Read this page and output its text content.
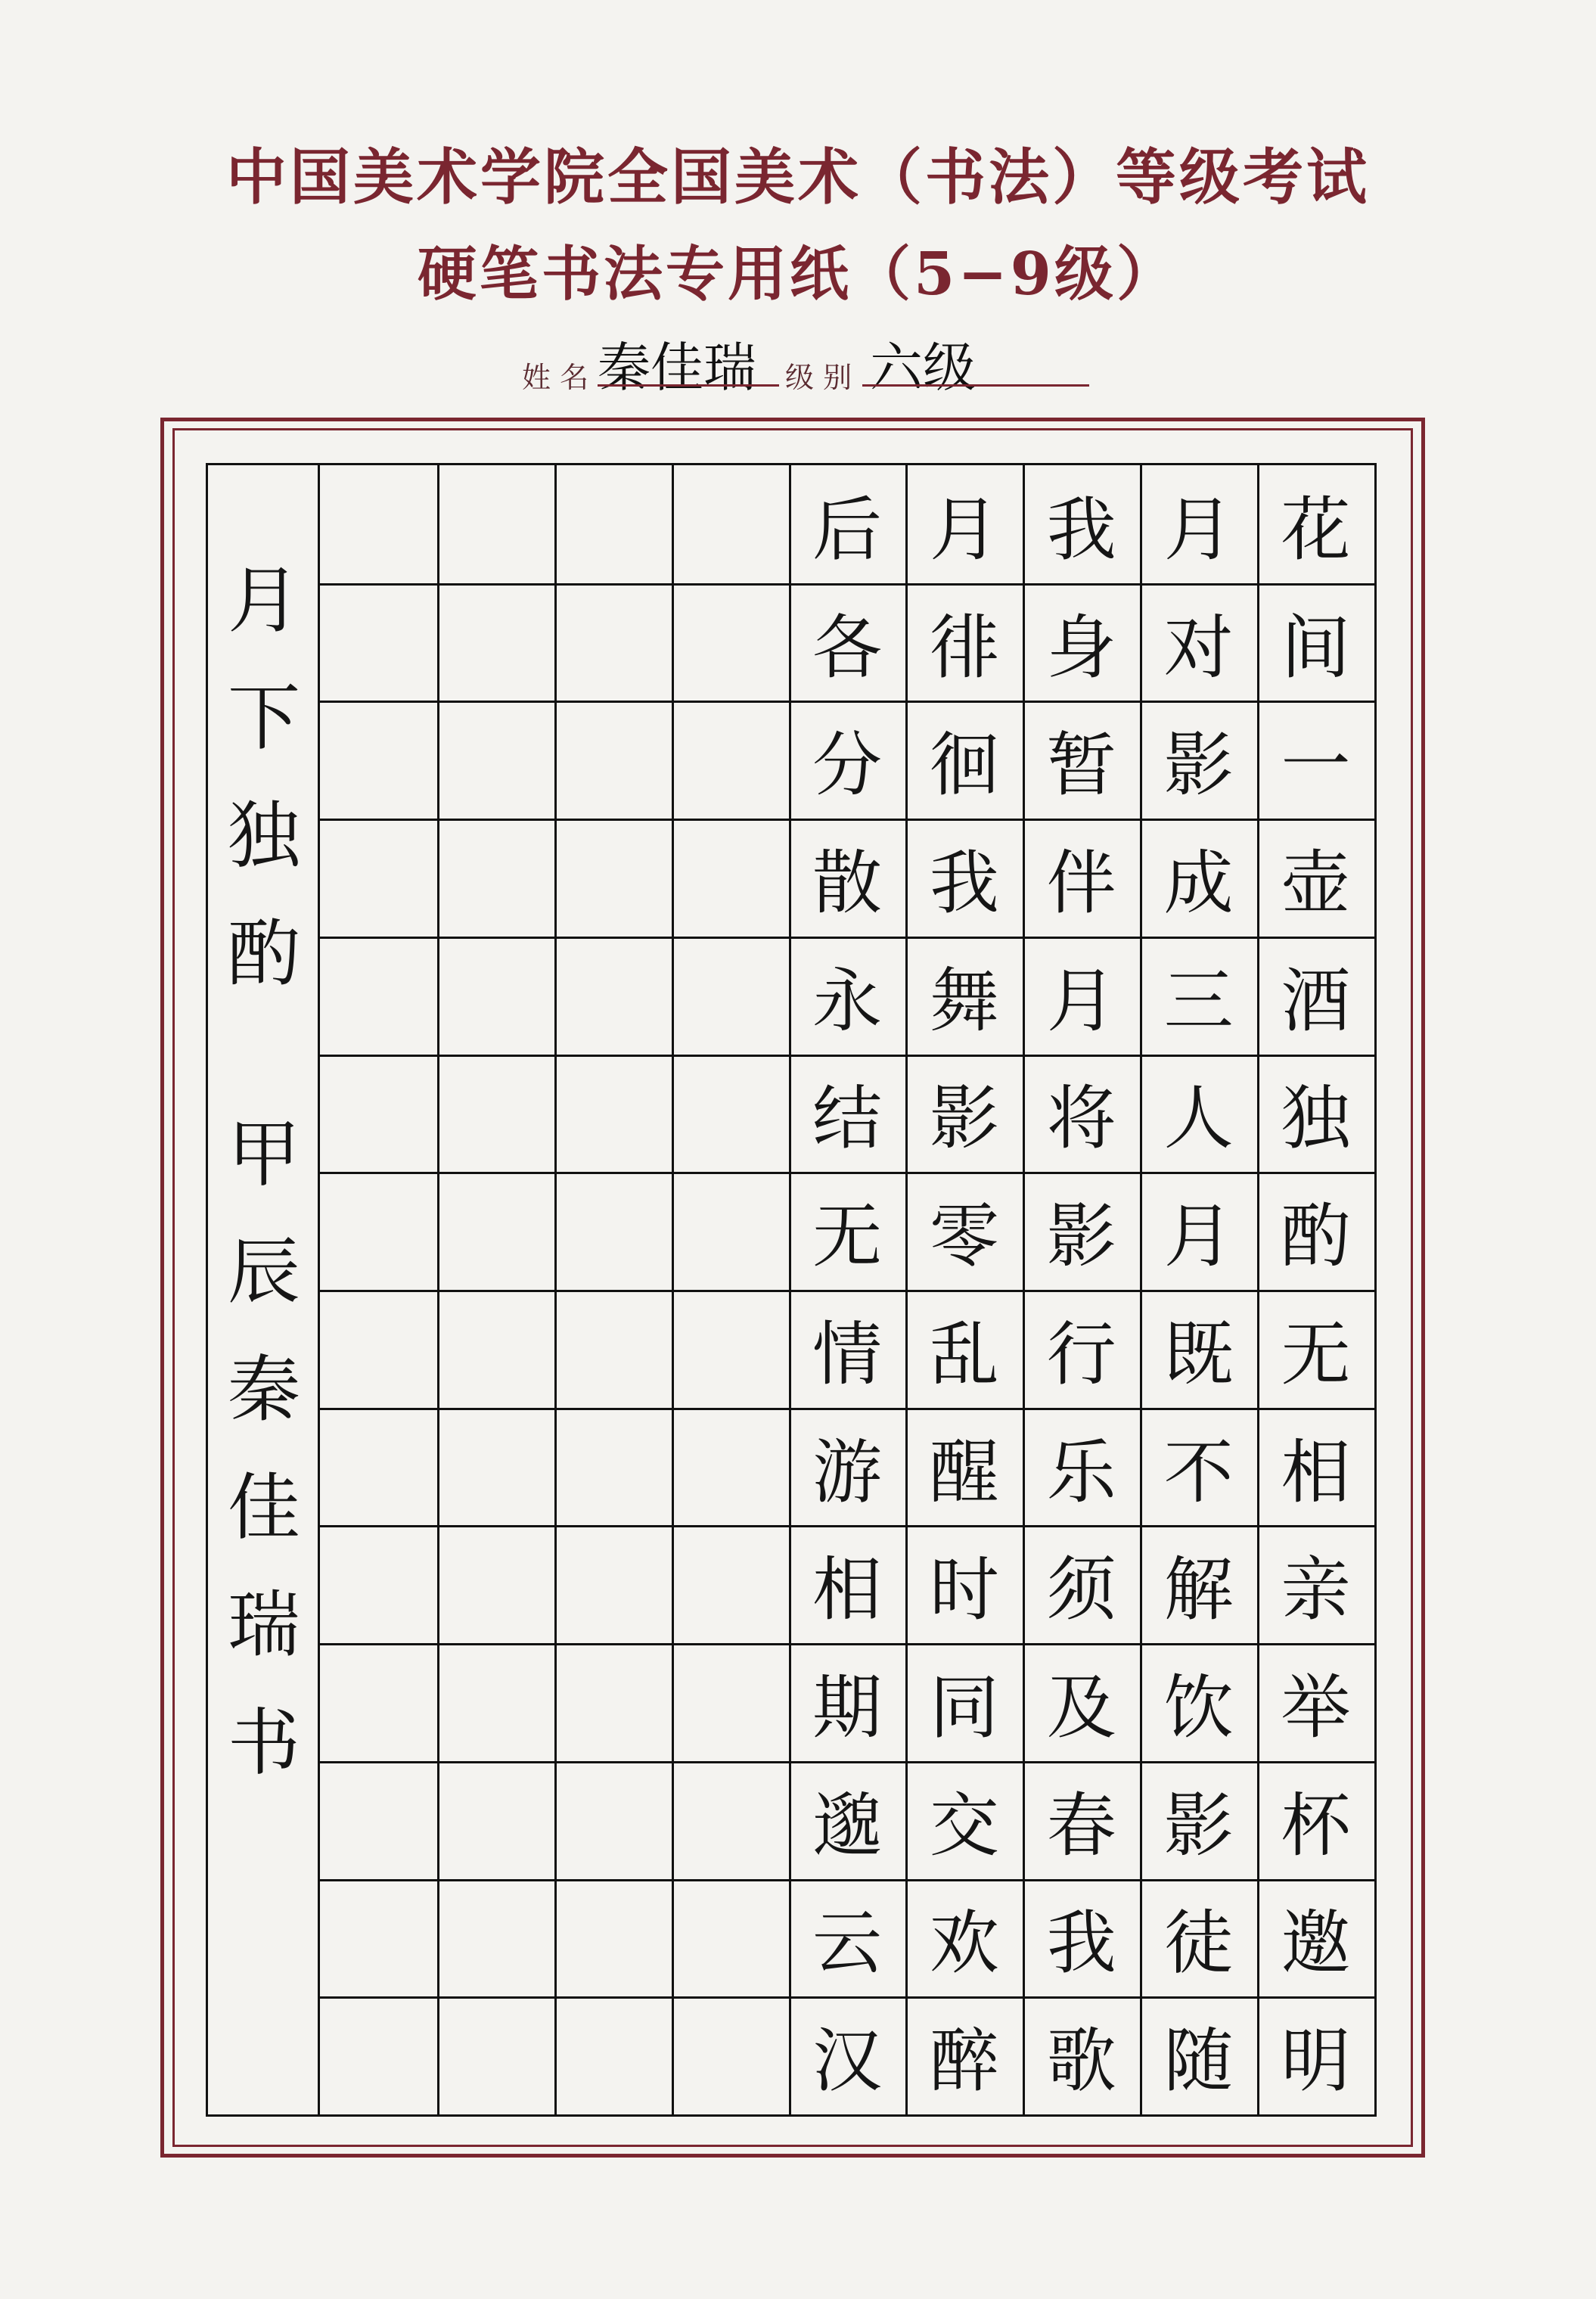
中国美术学院全国美术（书法）等级考试
硬笔书法专用纸（5−9级）
姓 名 秦佳瑞 级 别 六级
月
下
独
酌
甲
辰
秦
佳
瑞
书
花
间
一
壶
酒
独
酌
无
相
亲
举
杯
邀
明
月
对
影
成
三
人
月
既
不
解
饮
影
徒
随
我
身
暂
伴
月
将
影
行
乐
须
及
春
我
歌
月
徘
徊
我
舞
影
零
乱
醒
时
同
交
欢
醉
后
各
分
散
永
结
无
情
游
相
期
邈
云
汉
